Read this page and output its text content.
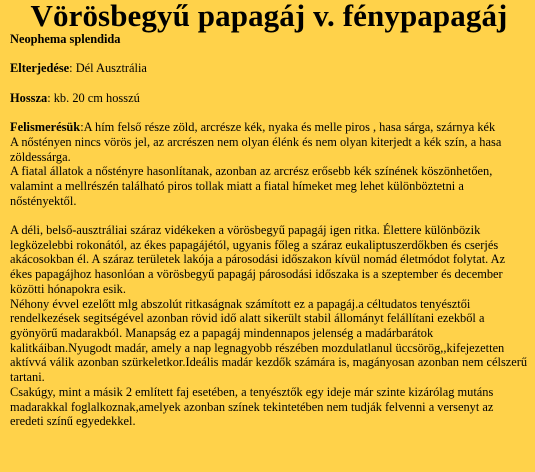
Vörösbegyű papagáj v. fénypapagáj

Neophema splendida

Elterjedése: Dél Ausztrália

Hossza: kb. 20 cm hosszú

Felismerésük:A hím felső része zöld, arcrésze kék, nyaka és melle piros , hasa sárga, szárnya kék

A nőstényen nincs vörös jel, az arcrészen nem olyan élénk és nem olyan kiterjedt a kék szín, a hasa zöldessárga.

A fiatal állatok a nőstényre hasonlítanak, azonban az arcrész erősebb kék színének köszönhetően, valamint a mellrészén található piros tollak miatt a fiatal hímeket meg lehet különböztetni a nőstényektől.

A déli, belső-ausztráliai száraz vidékeken a vörösbegyű papagáj igen ritka. Élettere különbözik legközelebbi rokonától, az ékes papagájétól, ugyanis főleg a száraz eukaliptuszerdőkben és cserjés akácosokban él. A száraz területek lakója a párosodási időszakon kívül nomád életmódot folytat. Az ékes papagájhoz hasonlóan a vörösbegyű papagáj párosodási időszaka is a szeptember és december közötti hónapokra esik.

Néhony évvel ezelőtt mlg abszolút ritkaságnak számított ez a papagáj.a céltudatos tenyésztői rendelkezések segitségével azonban rövid idő alatt sikerült stabil állományt felállítani ezekből a gyönyörű madarakból. Manapság ez a papagáj mindennapos jelenség a madárbarátok kalitkáiban.Nyugodt madár, amely a nap legnagyobb részében mozdulatlanul üccsörög,,kifejezetten aktívvá válik azonban szürkeletkor.Ideális madár kezdők számára is, magányosan azonban nem célszerű tartani.

Csakúgy, mint a másik 2 említett faj esetében, a tenyésztők egy ideje már szinte kizárólag mutáns madarakkal foglalkoznak,amelyek azonban színek tekintetében nem tudják felvenni a versenyt az eredeti színű egyedekkel.
